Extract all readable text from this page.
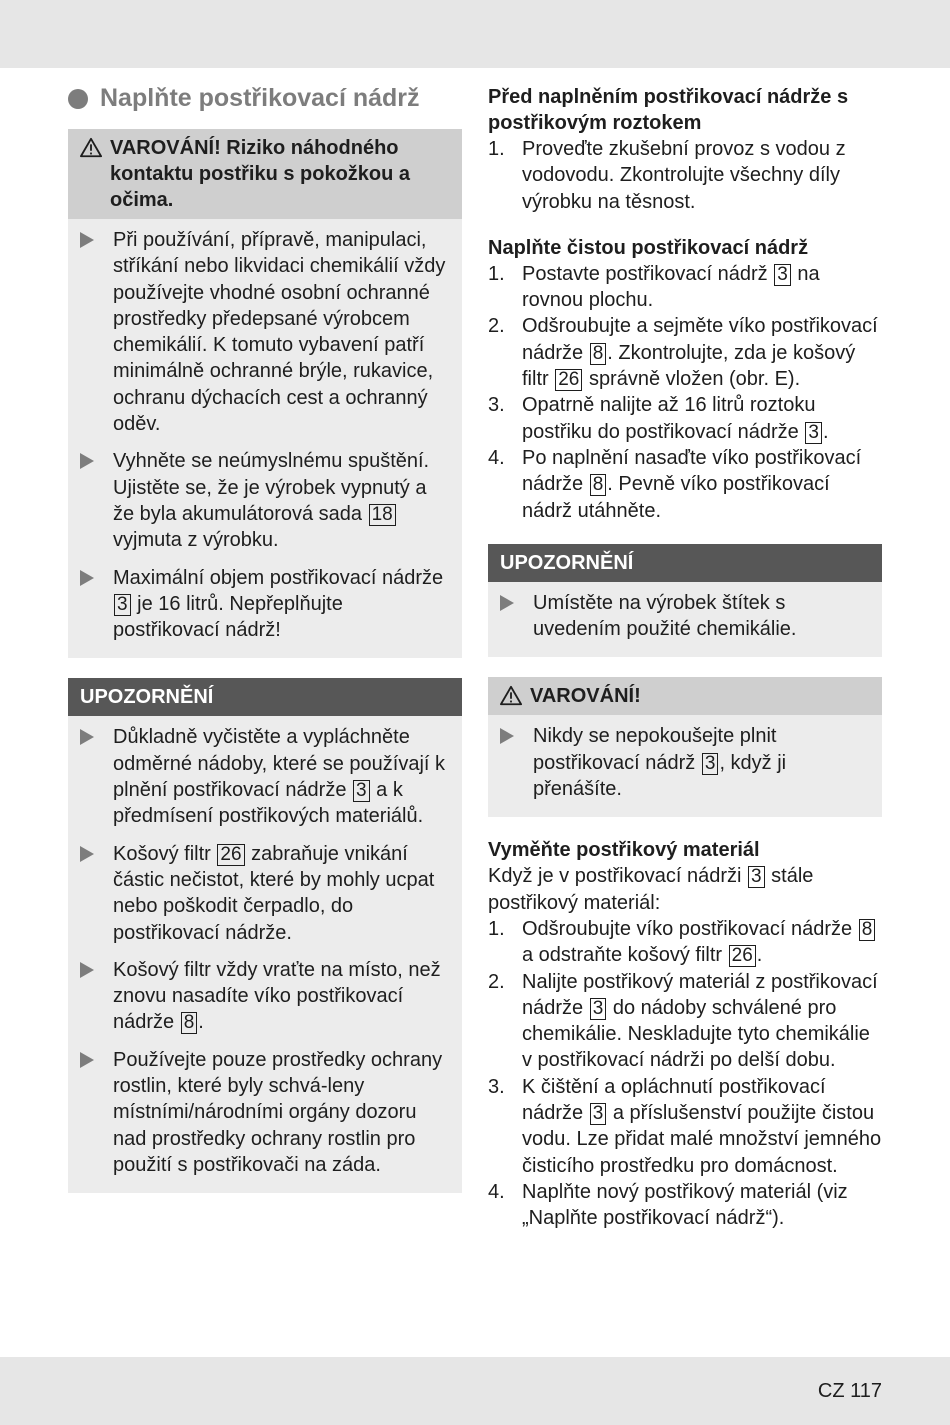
Naplňte postřikovací nádrž
VAROVÁNÍ! Riziko náhodného kontaktu postřiku s pokožkou a očima.
Při používání, přípravě, manipulaci, stříkání nebo likvidaci chemikálií vždy používejte vhodné osobní ochranné prostředky předepsané výrobcem chemikálií. K tomuto vybavení patří minimálně ochranné brýle, rukavice, ochranu dýchacích cest a ochranný oděv.
Vyhněte se neúmyslnému spuštění. Ujistěte se, že je výrobek vypnutý a že byla akumulátorová sada 18 vyjmuta z výrobku.
Maximální objem postřikovací nádrže 3 je 16 litrů. Nepřeplňujte postřikovací nádrž!
UPOZORNĚNÍ
Důkladně vyčistěte a vypláchněte odměrné nádoby, které se používají k plnění postřikovací nádrže 3 a k předmísení postřikových materiálů.
Košový filtr 26 zabraňuje vnikání částic nečistot, které by mohly ucpat nebo poškodit čerpadlo, do postřikovací nádrže.
Košový filtr vždy vraťte na místo, než znovu nasadíte víko postřikovací nádrže 8 .
Používejte pouze prostředky ochrany rostlin, které byly schvá-leny místními/národními orgány dozoru nad prostředky ochrany rostlin pro použití s postřikovači na záda.
Před naplněním postřikovací nádrže s postřikovým roztokem
1. Proveďte zkušební provoz s vodou z vodovodu. Zkontrolujte všechny díly výrobku na těsnost.
Naplňte čistou postřikovací nádrž
1. Postavte postřikovací nádrž 3 na rovnou plochu.
2. Odšroubujte a sejměte víko postřikovací nádrže 8 . Zkontrolujte, zda je košový filtr 26 správně vložen (obr. E).
3. Opatrně nalijte až 16 litrů roztoku postřiku do postřikovací nádrže 3 .
4. Po naplnění nasaďte víko postřikovací nádrže 8 . Pevně víko postřikovací nádrž utáhněte.
UPOZORNĚNÍ
Umístěte na výrobek štítek s uvedením použité chemikálie.
VAROVÁNÍ!
Nikdy se nepokoušejte plnit postřikovací nádrž 3 , když ji přenášíte.
Vyměňte postřikový materiál
Když je v postřikovací nádrži 3 stále postřikový materiál:
1. Odšroubujte víko postřikovací nádrže 8 a odstraňte košový filtr 26 .
2. Nalijte postřikový materiál z postřikovací nádrže 3 do nádoby schválené pro chemikálie. Neskladujte tyto chemikálie v postřikovací nádrži po delší dobu.
3. K čištění a opláchnutí postřikovací nádrže 3 a příslušenství použijte čistou vodu. Lze přidat malé množství jemného čisticího prostředku pro domácnost.
4. Naplňte nový postřikový materiál (viz „Naplňte postřikovací nádrž“).
CZ 117
